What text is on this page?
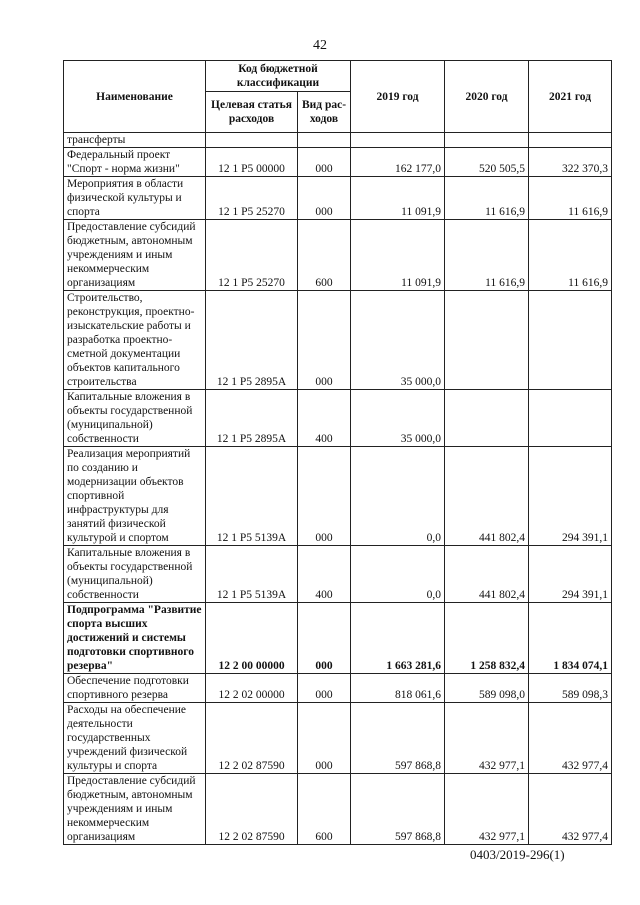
42
Наименование	Код бюджетной классификации		2019 год	2020 год	2021 год
	Целевая статья расходов	Вид рас-ходов			
трансферты					
Федеральный проект "Спорт - норма жизни"	12 1 P5 00000	000	162 177,0	520 505,5	322 370,3
Мероприятия в области физической культуры и спорта	12 1 P5 25270	000	11 091,9	11 616,9	11 616,9
Предоставление субсидий бюджетным, автономным учреждениям и иным некоммерческим организациям	12 1 P5 25270	600	11 091,9	11 616,9	11 616,9
Строительство, реконструкция, проектно-изыскательские работы и разработка проектно-сметной документации объектов капитального строительства	12 1 P5 2895A	000	35 000,0		
Капитальные вложения в объекты государственной (муниципальной) собственности	12 1 P5 2895A	400	35 000,0		
Реализация мероприятий по созданию и модернизации объектов спортивной инфраструктуры для занятий физической культурой и спортом	12 1 P5 5139A	000	0,0	441 802,4	294 391,1
Капитальные вложения в объекты государственной (муниципальной) собственности	12 1 P5 5139A	400	0,0	441 802,4	294 391,1
Подпрограмма "Развитие спорта высших достижений и системы подготовки спортивного резерва"	12 2 00 00000	000	1 663 281,6	1 258 832,4	1 834 074,1
Обеспечение подготовки спортивного резерва	12 2 02 00000	000	818 061,6	589 098,0	589 098,3
Расходы на обеспечение деятельности государственных учреждений физической культуры и спорта	12 2 02 87590	000	597 868,8	432 977,1	432 977,4
Предоставление субсидий бюджетным, автономным учреждениям и иным некоммерческим организациям	12 2 02 87590	600	597 868,8	432 977,1	432 977,4
0403/2019-296(1)
